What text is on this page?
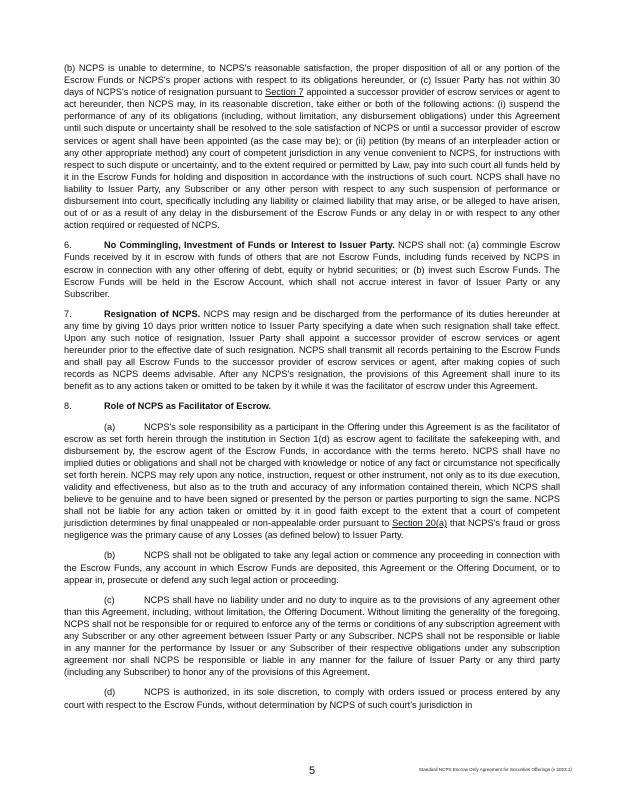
(b) NCPS is unable to determine, to NCPS's reasonable satisfaction, the proper disposition of all or any portion of the Escrow Funds or NCPS's proper actions with respect to its obligations hereunder, or (c) Issuer Party has not within 30 days of NCPS's notice of resignation pursuant to Section 7 appointed a successor provider of escrow services or agent to act hereunder, then NCPS may, in its reasonable discretion, take either or both of the following actions: (i) suspend the performance of any of its obligations (including, without limitation, any disbursement obligations) under this Agreement until such dispute or uncertainty shall be resolved to the sole satisfaction of NCPS or until a successor provider of escrow services or agent shall have been appointed (as the case may be); or (ii) petition (by means of an interpleader action or any other appropriate method) any court of competent jurisdiction in any venue convenient to NCPS, for instructions with respect to such dispute or uncertainty, and to the extent required or permitted by Law, pay into such court all funds held by it in the Escrow Funds for holding and disposition in accordance with the instructions of such court. NCPS shall have no liability to Issuer Party, any Subscriber or any other person with respect to any such suspension of performance or disbursement into court, specifically including any liability or claimed liability that may arise, or be alleged to have arisen, out of or as a result of any delay in the disbursement of the Escrow Funds or any delay in or with respect to any other action required or requested of NCPS.

6.	No Commingling, Investment of Funds or Interest to Issuer Party. NCPS shall not: (a) commingle Escrow Funds received by it in escrow with funds of others that are not Escrow Funds, including funds received by NCPS in escrow in connection with any other offering of debt, equity or hybrid securities; or (b) invest such Escrow Funds. The Escrow Funds will be held in the Escrow Account, which shall not accrue interest in favor of Issuer Party or any Subscriber.

7.	Resignation of NCPS. NCPS may resign and be discharged from the performance of its duties hereunder at any time by giving 10 days prior written notice to Issuer Party specifying a date when such resignation shall take effect. Upon any such notice of resignation, Issuer Party shall appoint a successor provider of escrow services or agent hereunder prior to the effective date of such resignation. NCPS shall transmit all records pertaining to the Escrow Funds and shall pay all Escrow Funds to the successor provider of escrow services or agent, after making copies of such records as NCPS deems advisable. After any NCPS's resignation, the provisions of this Agreement shall inure to its benefit as to any actions taken or omitted to be taken by it while it was the facilitator of escrow under this Agreement.

8.	Role of NCPS as Facilitator of Escrow.

(a)	NCPS's sole responsibility as a participant in the Offering under this Agreement is as the facilitator of escrow as set forth herein through the institution in Section 1(d) as escrow agent to facilitate the safekeeping with, and disbursement by, the escrow agent of the Escrow Funds, in accordance with the terms hereto. NCPS shall have no implied duties or obligations and shall not be charged with knowledge or notice of any fact or circumstance not specifically set forth herein. NCPS may rely upon any notice, instruction, request or other instrument, not only as to its due execution, validity and effectiveness, but also as to the truth and accuracy of any information contained therein, which NCPS shall believe to be genuine and to have been signed or presented by the person or parties purporting to sign the same. NCPS shall not be liable for any action taken or omitted by it in good faith except to the extent that a court of competent jurisdiction determines by final unappealed or non-appealable order pursuant to Section 20(a) that NCPS's fraud or gross negligence was the primary cause of any Losses (as defined below) to Issuer Party.

(b)	NCPS shall not be obligated to take any legal action or commence any proceeding in connection with the Escrow Funds, any account in which Escrow Funds are deposited, this Agreement or the Offering Document, or to appear in, prosecute or defend any such legal action or proceeding.

(c)	NCPS shall have no liability under and no duty to inquire as to the provisions of any agreement other than this Agreement, including, without limitation, the Offering Document. Without limiting the generality of the foregoing, NCPS shall not be responsible for or required to enforce any of the terms or conditions of any subscription agreement with any Subscriber or any other agreement between Issuer Party or any Subscriber. NCPS shall not be responsible or liable in any manner for the performance by Issuer or any Subscriber of their respective obligations under any subscription agreement nor shall NCPS be responsible or liable in any manner for the failure of Issuer Party or any third party (including any Subscriber) to honor any of the provisions of this Agreement.

(d)	NCPS is authorized, in its sole discretion, to comply with orders issued or process entered by any court with respect to the Escrow Funds, without determination by NCPS of such court's jurisdiction in

5	Standard NCPS Escrow Only Agreement for Securities Offerings (v 2023.1)
